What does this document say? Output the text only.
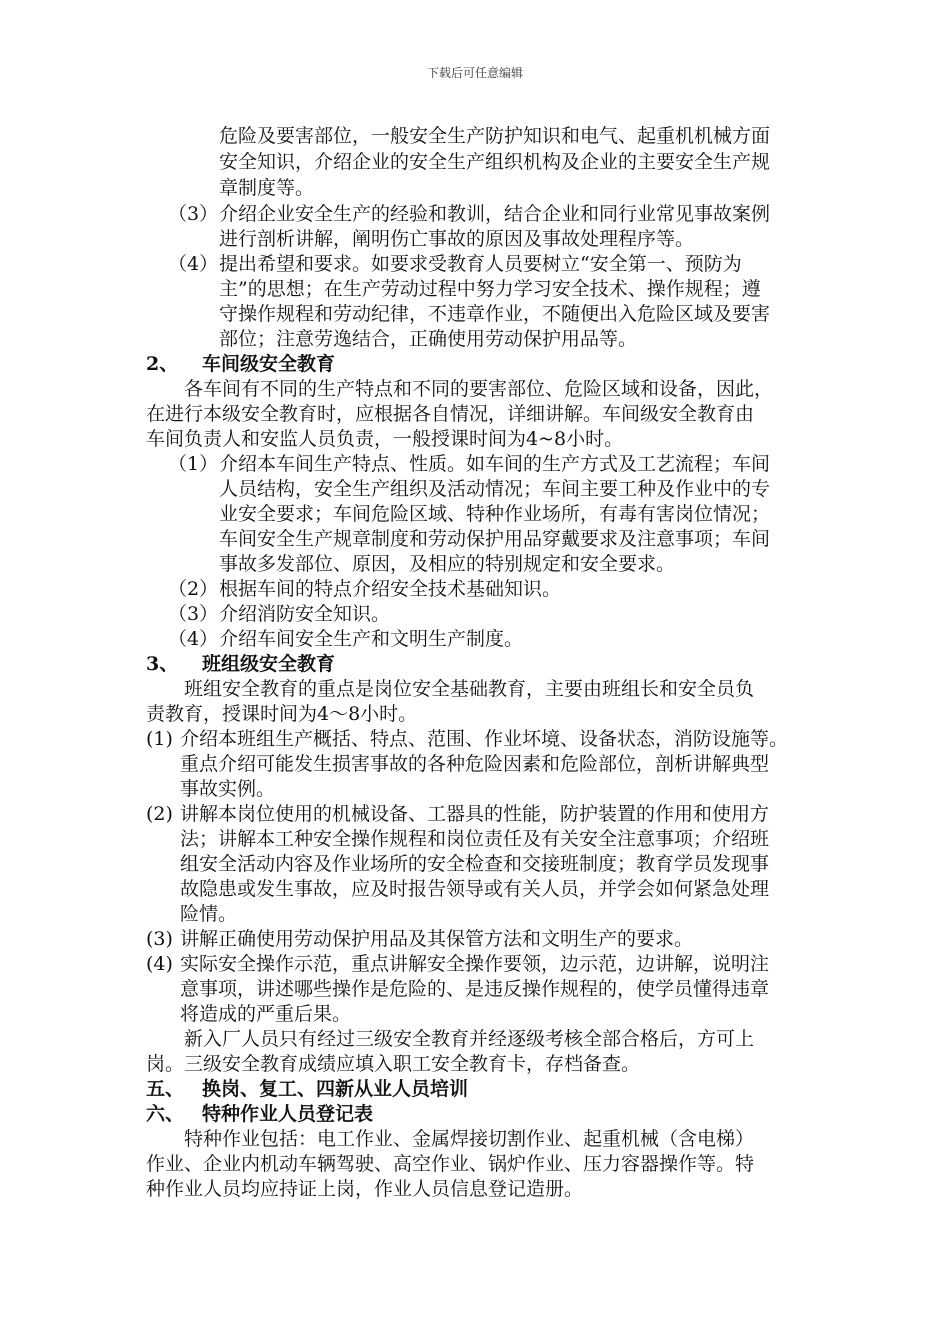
下载后可任意编辑
危险及要害部位，一般安全生产防护知识和电气、起重机机械方面
安全知识，介绍企业的安全生产组织机构及企业的主要安全生产规
章制度等。
（3） 介绍企业安全生产的经验和教训，结合企业和同行业常见事故案例
进行剖析讲解，阐明伤亡事故的原因及事故处理程序等。
（4） 提出希望和要求。如要求受教育人员要树立“安全第一、预防为
主”的思想；在生产劳动过程中努力学习安全技术、操作规程；遵
守操作规程和劳动纪律，不违章作业，不随便出入危险区域及要害
部位；注意劳逸结合，正确使用劳动保护用品等。
2、 车间级安全教育
各车间有不同的生产特点和不同的要害部位、危险区域和设备，因此，
在进行本级安全教育时，应根据各自情况，详细讲解。车间级安全教育由
车间负责人和安监人员负责，一般授课时间为4~8小时。
（1） 介绍本车间生产特点、性质。如车间的生产方式及工艺流程；车间
人员结构，安全生产组织及活动情况；车间主要工种及作业中的专
业安全要求；车间危险区域、特种作业场所，有毒有害岗位情况；
车间安全生产规章制度和劳动保护用品穿戴要求及注意事项；车间
事故多发部位、原因，及相应的特别规定和安全要求。
（2） 根据车间的特点介绍安全技术基础知识。
（3） 介绍消防安全知识。
（4） 介绍车间安全生产和文明生产制度。
3、 班组级安全教育
班组安全教育的重点是岗位安全基础教育，主要由班组长和安全员负
责教育，授课时间为4～8小时。
(1) 介绍本班组生产概括、特点、范围、作业坏境、设备状态，消防设施等。
重点介绍可能发生损害事故的各种危险因素和危险部位，剖析讲解典型
事故实例。
(2) 讲解本岗位使用的机械设备、工器具的性能，防护装置的作用和使用方
法；讲解本工种安全操作规程和岗位责任及有关安全注意事项；介绍班
组安全活动内容及作业场所的安全检查和交接班制度；教育学员发现事
故隐患或发生事故，应及时报告领导或有关人员，并学会如何紧急处理
险情。
(3) 讲解正确使用劳动保护用品及其保管方法和文明生产的要求。
(4) 实际安全操作示范，重点讲解安全操作要领，边示范，边讲解，说明注
意事项，讲述哪些操作是危险的、是违反操作规程的，使学员懂得违章
将造成的严重后果。
新入厂人员只有经过三级安全教育并经逐级考核全部合格后，方可上
岗。三级安全教育成绩应填入职工安全教育卡，存档备查。
五、 换岗、复工、四新从业人员培训
六、 特种作业人员登记表
特种作业包括：电工作业、金属焊接切割作业、起重机械（含电梯）
作业、企业内机动车辆驾驶、高空作业、锅炉作业、压力容器操作等。特
种作业人员均应持证上岗，作业人员信息登记造册。
